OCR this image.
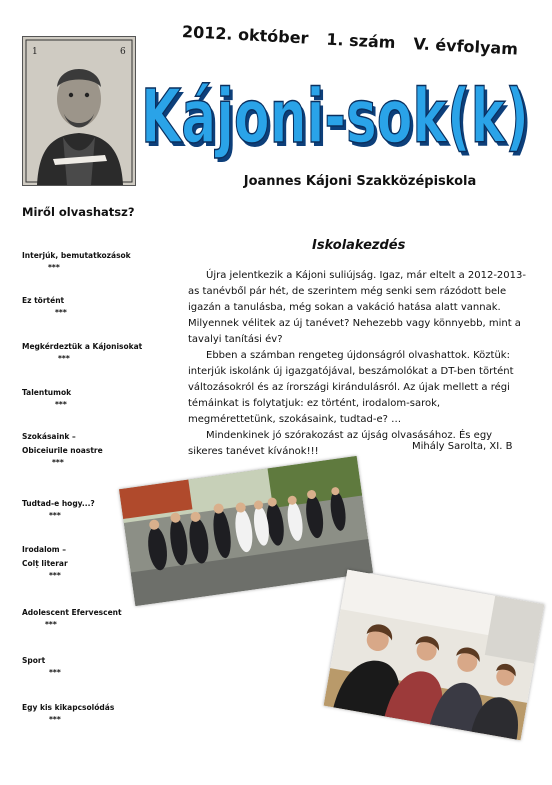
1	6
2012. október 1. szám V. évfolyam
Kájoni-sok(k)
Kájoni-sok(k)
Joannes Kájoni Szakközépiskola
Miről olvashatsz?
Interjúk, bemutatkozások
***
Ez történt
***
Megkérdeztük a Kájonisokat
***
Talentumok
***
Szokásaink –
Obiceiurile noastre
***
Tudtad-e hogy...?
***
Irodalom –
Colț literar
***
Adolescent Efervescent
***
Sport
***
Egy kis kikapcsolódás
***
Iskolakezdés

Újra jelentkezik a Kájoni suliújság. Igaz, már eltelt a 2012-2013-as tanévből pár hét, de szerintem még senki sem rázódott bele igazán a tanulásba, még sokan a vakáció hatása alatt vannak. Milyennek vélitek az új tanévet? Nehezebb vagy könnyebb, mint a tavalyi tanítási év?

Ebben a számban rengeteg újdonságról olvashattok. Köztük: interjúk iskolánk új igazgatójával, beszámolókat a DT-ben történt változásokról és az írországi kirándulásról. Az újak mellett a régi témáinkat is folytatjuk: ez történt, irodalom-sarok, megmérettetünk, szokásaink, tudtad-e? …

Mindenkinek jó szórakozást az újság olvasásához. És egy sikeres tanévet kívánok!!!	Mihály Sarolta, XI. B
